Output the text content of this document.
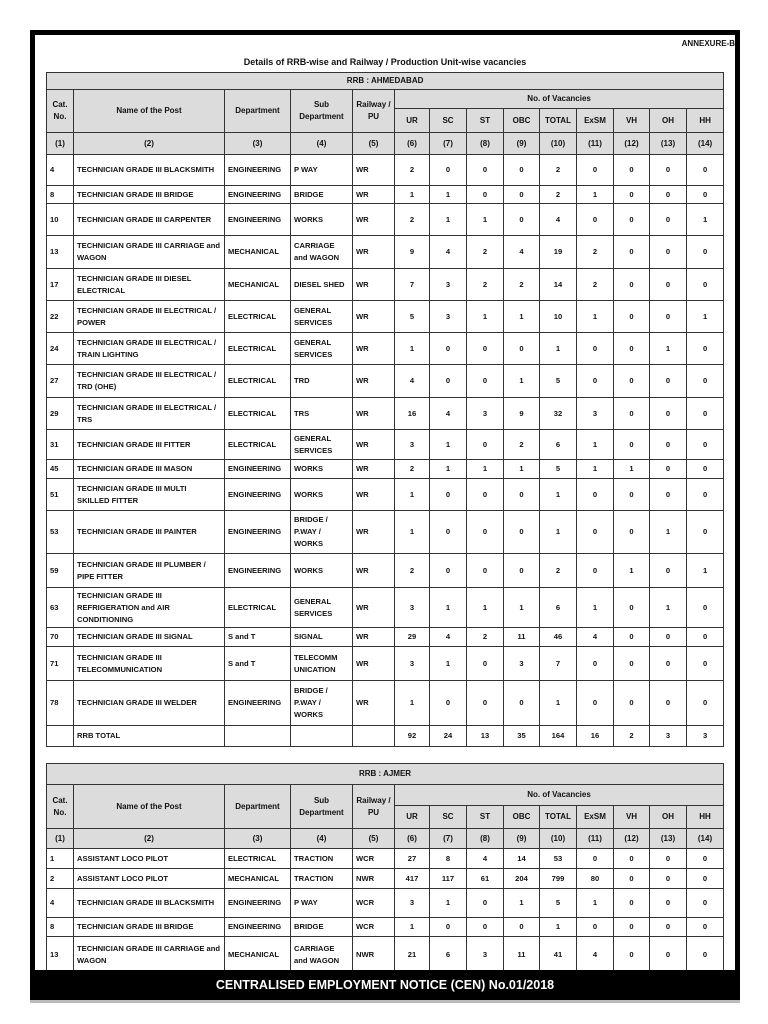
ANNEXURE-B
Details of RRB-wise and Railway / Production Unit-wise vacancies
RRB : AHMEDABAD													
Cat. No.	Name of the Post	Department	Sub Department	Railway / PU	No. of Vacancies								
					UR	SC	ST	OBC	TOTAL	ExSM	VH	OH	HH
(1)	(2)	(3)	(4)	(5)	(6)	(7)	(8)	(9)	(10)	(11)	(12)	(13)	(14)
4	TECHNICIAN GRADE III BLACKSMITH	ENGINEERING	P WAY	WR	2	0	0	0	2	0	0	0	0
8	TECHNICIAN GRADE III BRIDGE	ENGINEERING	BRIDGE	WR	1	1	0	0	2	1	0	0	0
10	TECHNICIAN GRADE III CARPENTER	ENGINEERING	WORKS	WR	2	1	1	0	4	0	0	0	1
13	TECHNICIAN GRADE III CARRIAGE and WAGON	MECHANICAL	CARRIAGE and WAGON	WR	9	4	2	4	19	2	0	0	0
17	TECHNICIAN GRADE III DIESEL ELECTRICAL	MECHANICAL	DIESEL SHED	WR	7	3	2	2	14	2	0	0	0
22	TECHNICIAN GRADE III ELECTRICAL / POWER	ELECTRICAL	GENERAL SERVICES	WR	5	3	1	1	10	1	0	0	1
24	TECHNICIAN GRADE III ELECTRICAL / TRAIN LIGHTING	ELECTRICAL	GENERAL SERVICES	WR	1	0	0	0	1	0	0	1	0
27	TECHNICIAN GRADE III ELECTRICAL / TRD (OHE)	ELECTRICAL	TRD	WR	4	0	0	1	5	0	0	0	0
29	TECHNICIAN GRADE III ELECTRICAL / TRS	ELECTRICAL	TRS	WR	16	4	3	9	32	3	0	0	0
31	TECHNICIAN GRADE III FITTER	ELECTRICAL	GENERAL SERVICES	WR	3	1	0	2	6	1	0	0	0
45	TECHNICIAN GRADE III MASON	ENGINEERING	WORKS	WR	2	1	1	1	5	1	1	0	0
51	TECHNICIAN GRADE III MULTI SKILLED FITTER	ENGINEERING	WORKS	WR	1	0	0	0	1	0	0	0	0
53	TECHNICIAN GRADE III PAINTER	ENGINEERING	BRIDGE / P.WAY / WORKS	WR	1	0	0	0	1	0	0	1	0
59	TECHNICIAN GRADE III PLUMBER / PIPE FITTER	ENGINEERING	WORKS	WR	2	0	0	0	2	0	1	0	1
63	TECHNICIAN GRADE III REFRIGERATION and AIR CONDITIONING	ELECTRICAL	GENERAL SERVICES	WR	3	1	1	1	6	1	0	1	0
70	TECHNICIAN GRADE III SIGNAL	S and T	SIGNAL	WR	29	4	2	11	46	4	0	0	0
71	TECHNICIAN GRADE III TELECOMMUNICATION	S and T	TELECOMM UNICATION	WR	3	1	0	3	7	0	0	0	0
78	TECHNICIAN GRADE III WELDER	ENGINEERING	BRIDGE / P.WAY / WORKS	WR	1	0	0	0	1	0	0	0	0
	RRB TOTAL				92	24	13	35	164	16	2	3	3
RRB : AJMER													
Cat. No.	Name of the Post	Department	Sub Department	Railway / PU	No. of Vacancies								
					UR	SC	ST	OBC	TOTAL	ExSM	VH	OH	HH
(1)	(2)	(3)	(4)	(5)	(6)	(7)	(8)	(9)	(10)	(11)	(12)	(13)	(14)
1	ASSISTANT LOCO PILOT	ELECTRICAL	TRACTION	WCR	27	8	4	14	53	0	0	0	0
2	ASSISTANT LOCO PILOT	MECHANICAL	TRACTION	NWR	417	117	61	204	799	80	0	0	0
4	TECHNICIAN GRADE III BLACKSMITH	ENGINEERING	P WAY	WCR	3	1	0	1	5	1	0	0	0
8	TECHNICIAN GRADE III BRIDGE	ENGINEERING	BRIDGE	WCR	1	0	0	0	1	0	0	0	0
13	TECHNICIAN GRADE III CARRIAGE and WAGON	MECHANICAL	CARRIAGE and WAGON	NWR	21	6	3	11	41	4	0	0	0
CENTRALISED EMPLOYMENT NOTICE (CEN) No.01/2018
